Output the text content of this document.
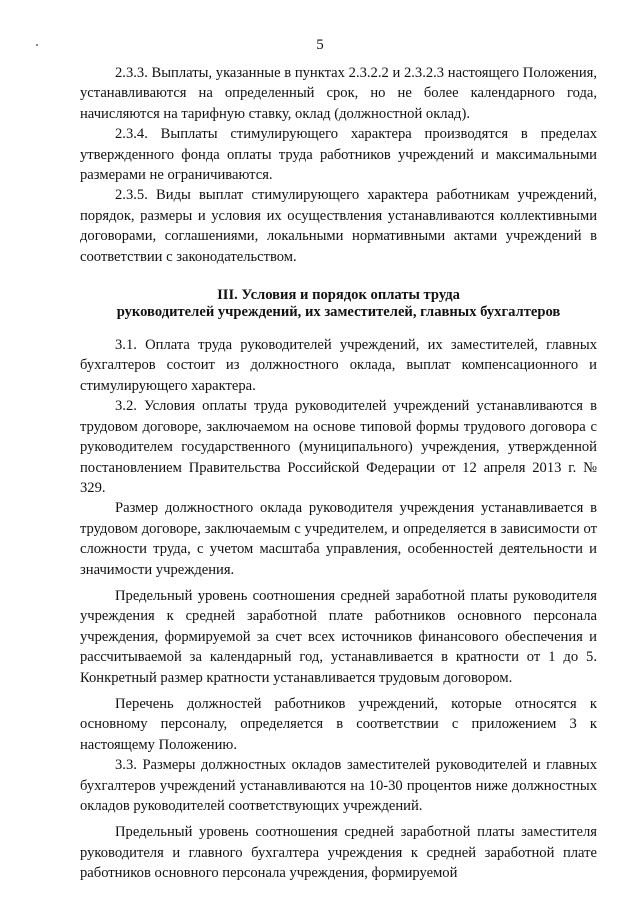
5

2.3.3. Выплаты, указанные в пунктах 2.3.2.2 и 2.3.2.3 настоящего Положения, устанавливаются на определенный срок, но не более календарного года, начисляются на тарифную ставку, оклад (должностной оклад).

2.3.4. Выплаты стимулирующего характера производятся в пределах утвержденного фонда оплаты труда работников учреждений и максимальными размерами не ограничиваются.

2.3.5. Виды выплат стимулирующего характера работникам учреждений, порядок, размеры и условия их осуществления устанавливаются коллективными договорами, соглашениями, локальными нормативными актами учреждений в соответствии с законодательством.

III. Условия и порядок оплаты труда
руководителей учреждений, их заместителей, главных бухгалтеров

3.1. Оплата труда руководителей учреждений, их заместителей, главных бухгалтеров состоит из должностного оклада, выплат компенсационного и стимулирующего характера.

3.2. Условия оплаты труда руководителей учреждений устанавливаются в трудовом договоре, заключаемом на основе типовой формы трудового договора с руководителем государственного (муниципального) учреждения, утвержденной постановлением Правительства Российской Федерации от 12 апреля 2013 г. № 329.

Размер должностного оклада руководителя учреждения устанавливается в трудовом договоре, заключаемым с учредителем, и определяется в зависимости от сложности труда, с учетом масштаба управления, особенностей деятельности и значимости учреждения.

Предельный уровень соотношения средней заработной платы руководителя учреждения к средней заработной плате работников основного персонала учреждения, формируемой за счет всех источников финансового обеспечения и рассчитываемой за календарный год, устанавливается в кратности от 1 до 5. Конкретный размер кратности устанавливается трудовым договором.

Перечень должностей работников учреждений, которые относятся к основному персоналу, определяется в соответствии с приложением 3 к настоящему Положению.

3.3. Размеры должностных окладов заместителей руководителей и главных бухгалтеров учреждений устанавливаются на 10-30 процентов ниже должностных окладов руководителей соответствующих учреждений.

Предельный уровень соотношения средней заработной платы заместителя руководителя и главного бухгалтера учреждения к средней заработной плате работников основного персонала учреждения, формируемой
